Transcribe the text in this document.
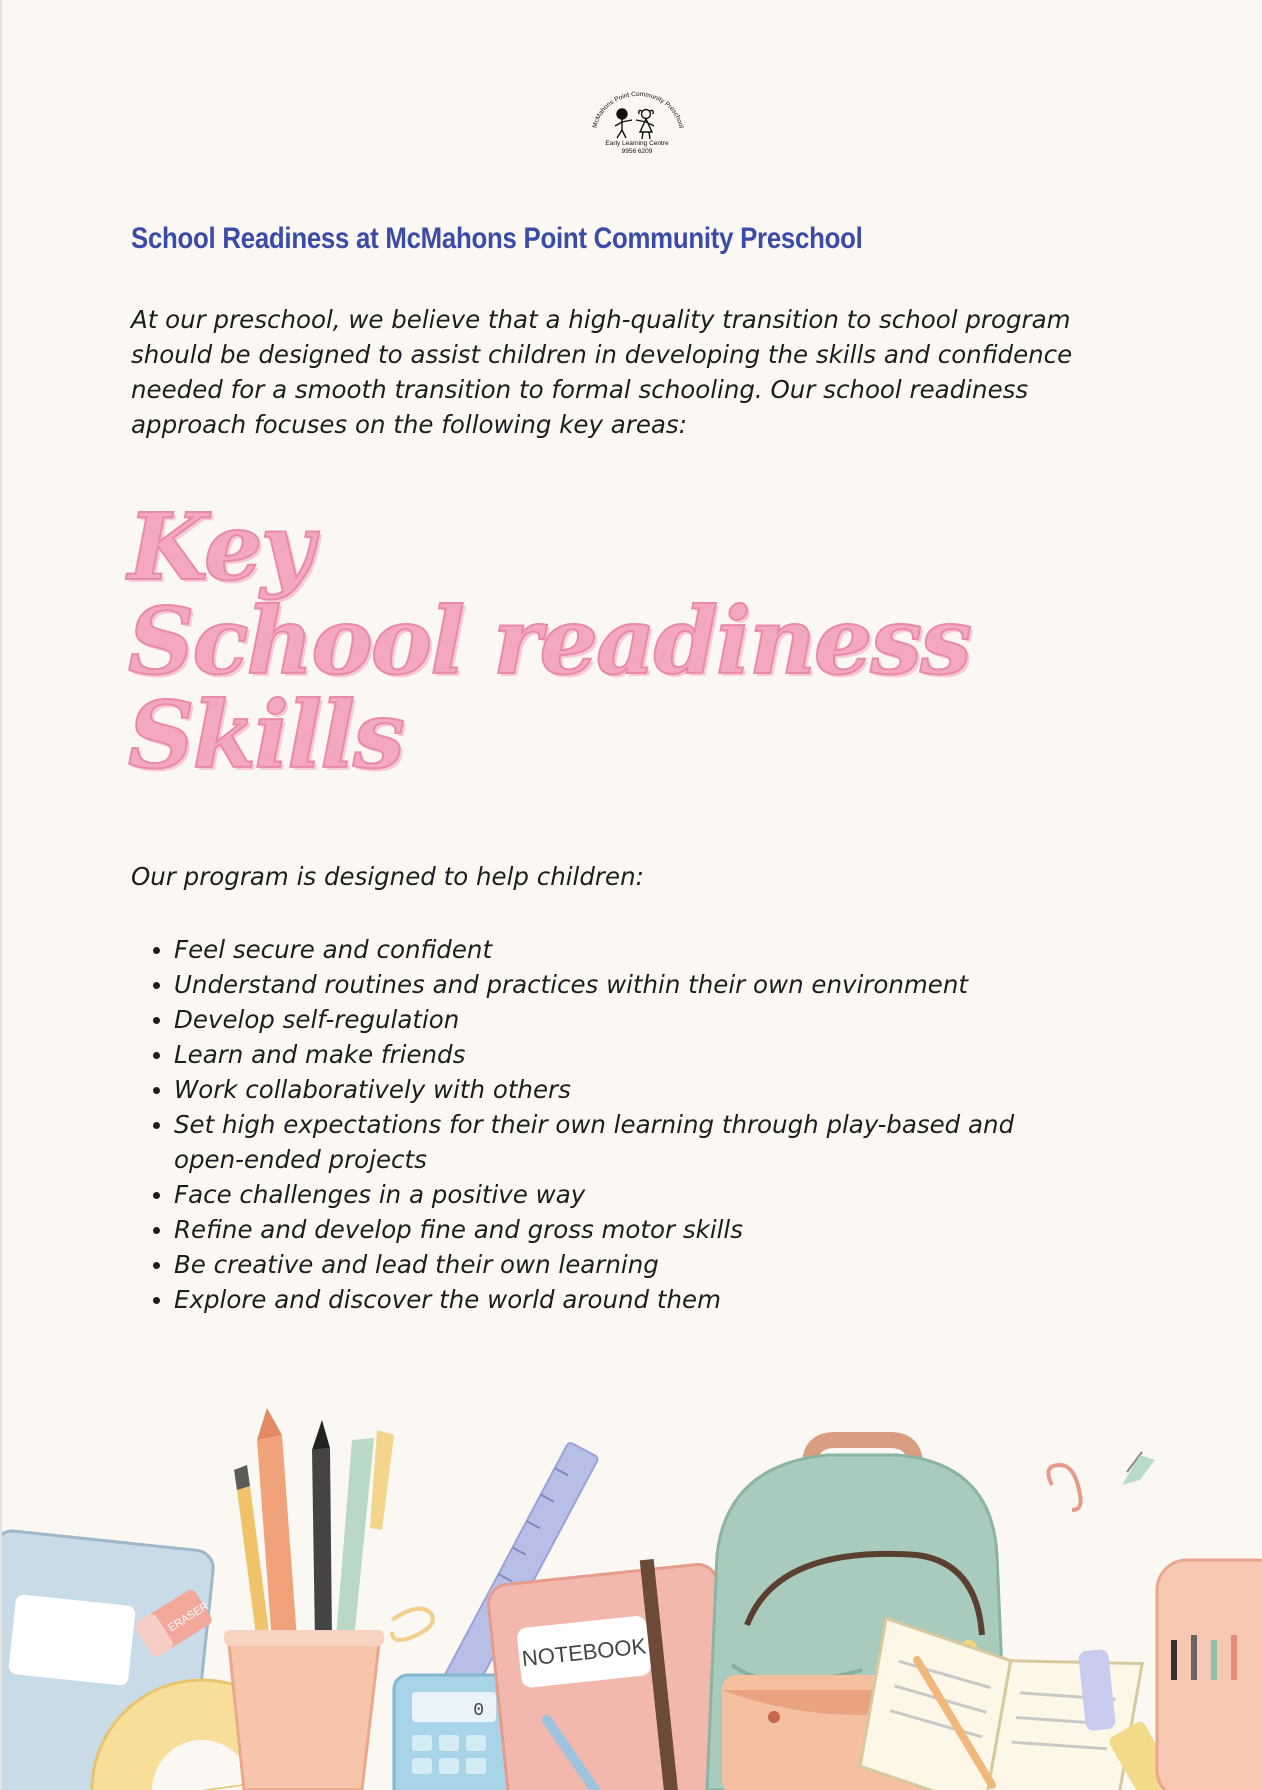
McMahons Point Community Preschool
Early Learning Centre
9956 6209
School Readiness at McMahons Point Community Preschool

At our preschool, we believe that a high-quality transition to school program should be designed to assist children in developing the skills and confidence needed for a smooth transition to formal schooling. Our school readiness approach focuses on the following key areas:

Key
School readiness
Skills

Our program is designed to help children:

Feel secure and confident
Understand routines and practices within their own environment
Develop self-regulation
Learn and make friends
Work collaboratively with others
Set high expectations for their own learning through play-based and open-ended projects
Face challenges in a positive way
Refine and develop fine and gross motor skills
Be creative and lead their own learning
Explore and discover the world around them
ERASER
0
NOTEBOOK
